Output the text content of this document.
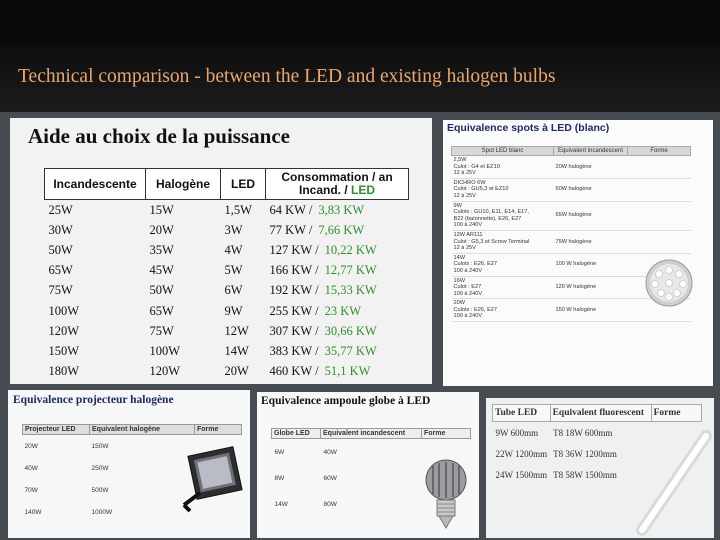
Technical comparison - between the LED and existing halogen bulbs
Aide au choix de la puissance
Incandescente	Halogène	LED	Consommation / an
Incand. / LED
25W	15W	1,5W	64 KW / 3,83 KW
30W	20W	3W	77 KW / 7,66 KW
50W	35W	4W	127 KW / 10,22 KW
65W	45W	5W	166 KW / 12,77 KW
75W	50W	6W	192 KW / 15,33 KW
100W	65W	9W	255 KW / 23 KW
120W	75W	12W	307 KW / 30,66 KW
150W	100W	14W	383 KW / 35,77 KW
180W	120W	20W	460 KW / 51,1 KW
Equivalence spots à LED (blanc)
Spot LED blanc	Equivalent incandescent	Forme

2,5W
Culot : G4 et EZ10
12 à 25V	20W halogène	

DICHRO 6W
Culot : GU5,3 et EZ10
12 à 25V	50W halogène	

9W
Culots : GU10, E11, E14, E17,
B22 (baïonnette), E26, E27
100 à 240V	65W halogène	

12W AR111
Culot : G5,3 et Screw Terminal
12 à 25V	75W halogène	

14W
Culots : E26, E27
100 à 240V	100 W halogène	

16W
Culot : E27
100 à 240V	120 W halogène	

20W
Culots : E26, E27
100 à 240V	150 W halogène	
Equivalence projecteur halogène
Projecteur LED	Equivalent halogène	Forme
20W	150W	
40W	250W	
70W	500W	
140W	1000W	
Equivalence ampoule globe à LED
Globe LED	Equivalent incandescent	Forme
6W	40W	
8W	60W	
14W	80W	
Tube LED	Equivalent fluorescent	Forme
9W 600mm	T8 18W 600mm	
22W 1200mm	T8 36W 1200mm	
24W 1500mm	T8 58W 1500mm	
